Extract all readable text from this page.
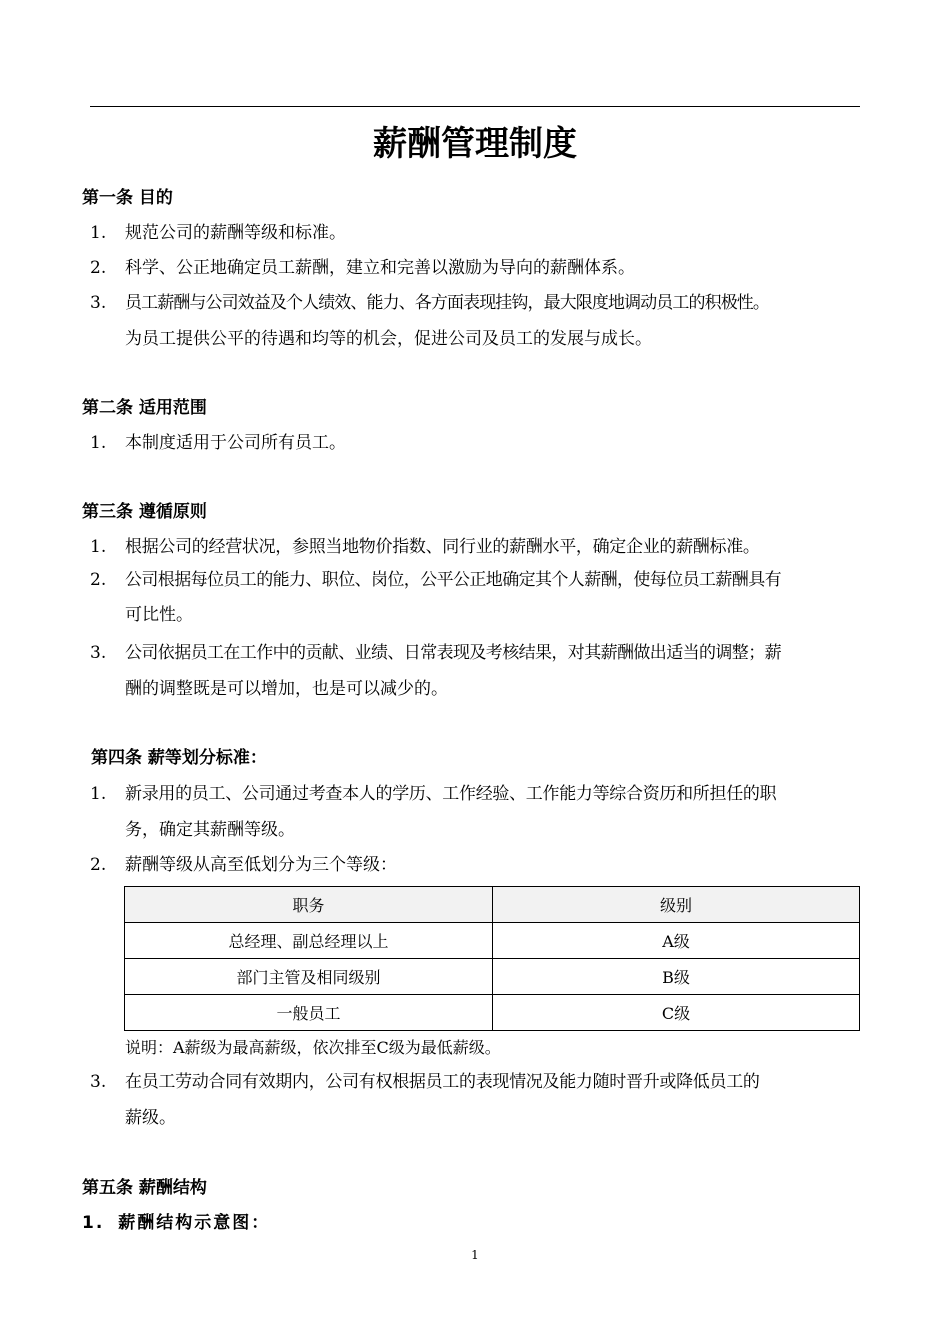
薪酬管理制度
第一条 目的
1. 规范公司的薪酬等级和标准。
2. 科学、公正地确定员工薪酬，建立和完善以激励为导向的薪酬体系。
3. 员工薪酬与公司效益及个人绩效、能力、各方面表现挂钩，最大限度地调动员工的积极性。
为员工提供公平的待遇和均等的机会，促进公司及员工的发展与成长。
第二条 适用范围
1. 本制度适用于公司所有员工。
第三条 遵循原则
1. 根据公司的经营状况，参照当地物价指数、同行业的薪酬水平，确定企业的薪酬标准。
2. 公司根据每位员工的能力、职位、岗位，公平公正地确定其个人薪酬，使每位员工薪酬具有
可比性。
3. 公司依据员工在工作中的贡献、业绩、日常表现及考核结果，对其薪酬做出适当的调整；薪
酬的调整既是可以增加，也是可以减少的。
第四条 薪等划分标准：
1. 新录用的员工、公司通过考查本人的学历、工作经验、工作能力等综合资历和所担任的职
务，确定其薪酬等级。
2. 薪酬等级从高至低划分为三个等级：
职务	级别
总经理、副总经理以上	A级
部门主管及相同级别	B级
一般员工	C级
说明：A薪级为最高薪级，依次排至C级为最低薪级。
3. 在员工劳动合同有效期内，公司有权根据员工的表现情况及能力随时晋升或降低员工的
薪级。
第五条 薪酬结构
1. 薪酬结构示意图：
1
